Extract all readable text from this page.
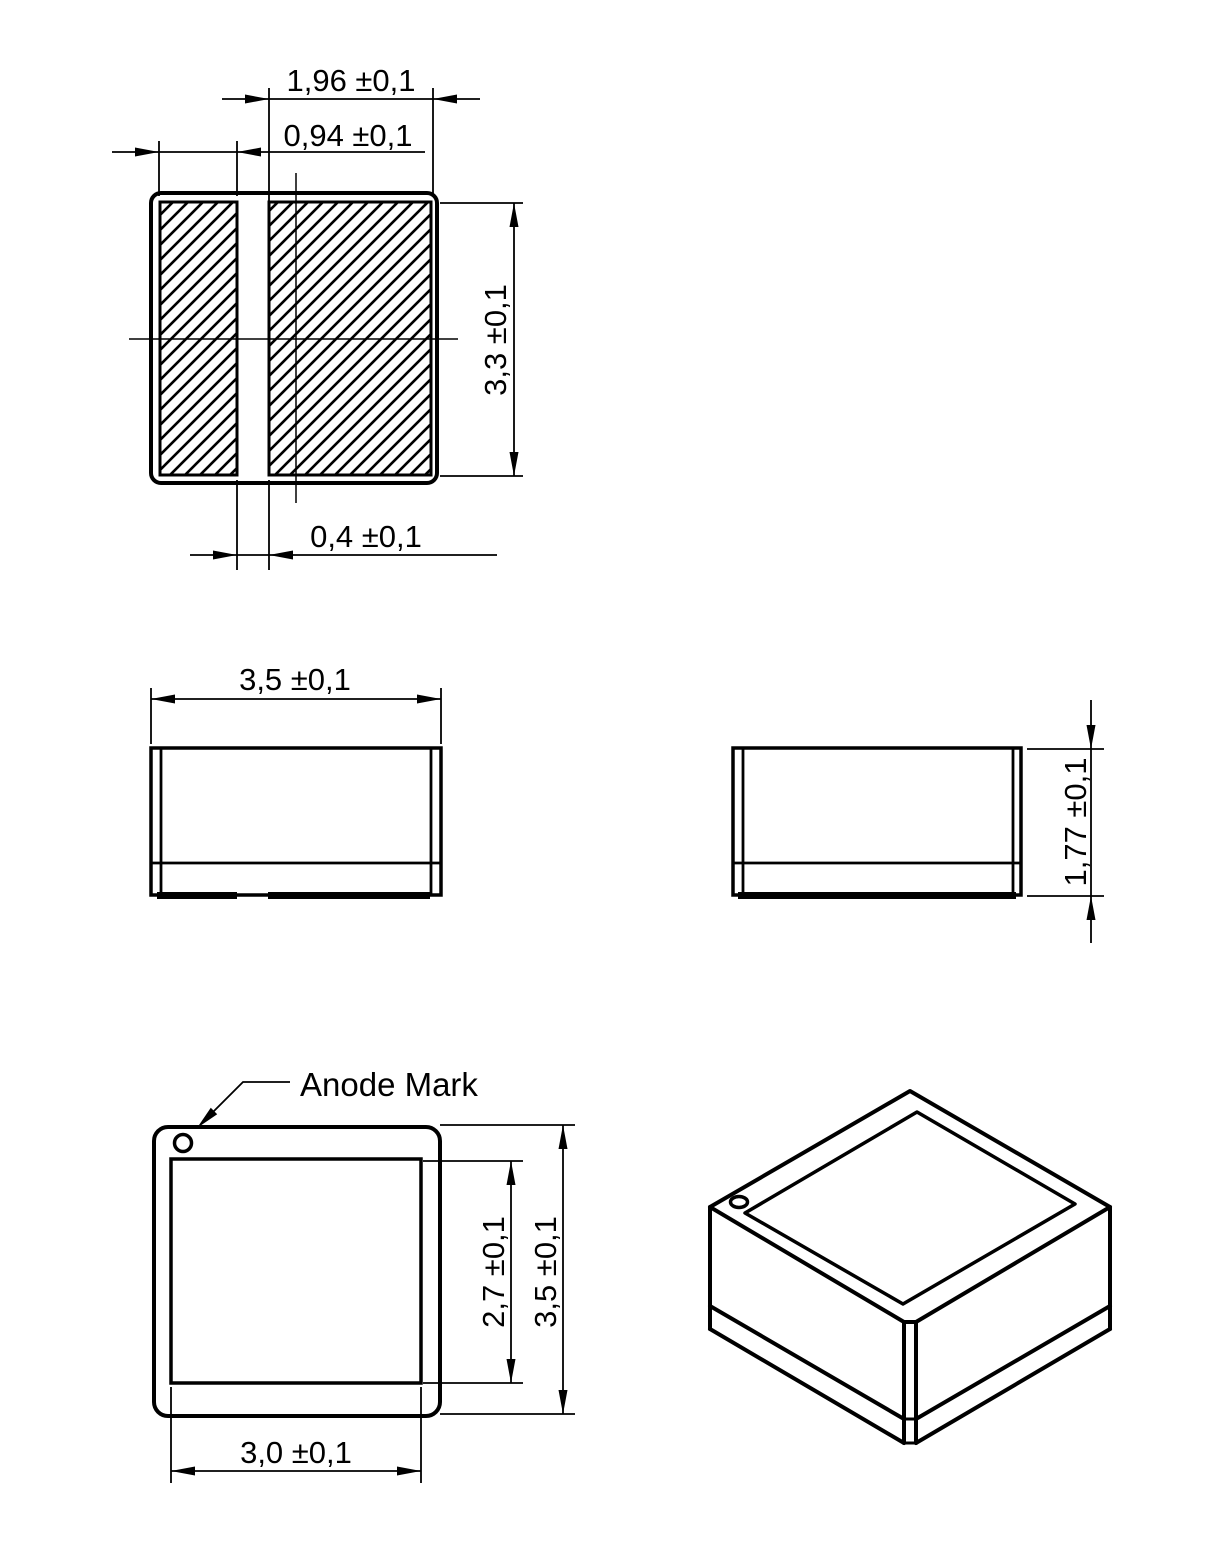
1,96 ±0,1
0,94 ±0,1
3,3 ±0,1
0,4 ±0,1
3,5 ±0,1
1,77 ±0,1
Anode Mark
2,7 ±0,1 3,5 ±0,1
3,0 ±0,1
